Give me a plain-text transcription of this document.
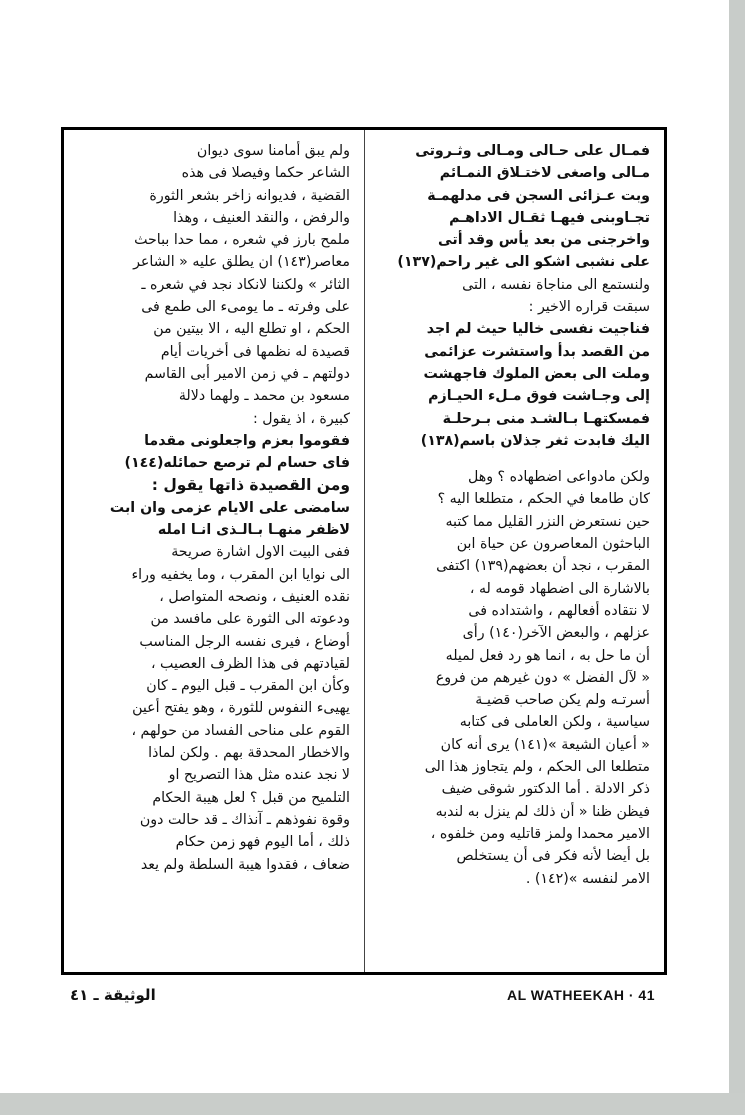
ولم يبق أمامنا سوى ديوان
الشاعر حكما وفيصلا فى هذه
القضية ، فديوانه زاخر بشعر الثورة
والرفض ، والنقد العنيف ، وهذا
ملمح بارز في شعره ، مما حدا بباحث
معاصر(١٤٣) ان يطلق عليه « الشاعر
الثائر » ولكننا لانكاد نجد في شعره ـ
على وفرته ـ ما يومىء الى طمع فى
الحكم ، او تطلع اليه ، الا بيتين من
قصيدة له نظمها فى أخريات أيام
دولتهم ـ في زمن الامير أبى القاسم
مسعود بن محمد ـ ولهما دلالة
كبيرة ، اذ يقول :
فقوموا بعزم واجعلونى مقدما
فاى حسام لم ترصع حمائله(١٤٤)
ومن القصيدة ذاتها يقول :
سامضى على الايام عزمى وان ابت
لاظفر منهـا بـالـذى انـا امله
ففى البيت الاول اشارة صريحة
الى نوايا ابن المقرب ، وما يخفيه وراء
نقده العنيف ، ونصحه المتواصل ،
ودعوته الى الثورة على مافسد من
أوضاع ، فيرى نفسه الرجل المناسب
لقيادتهم فى هذا الظرف العصيب ،
وكأن ابن المقرب ـ قبل اليوم ـ كان
يهيىء النفوس للثورة ، وهو يفتح أعين
القوم على مناحى الفساد من حولهم ،
والاخطار المحدقة بهم . ولكن لماذا
لا نجد عنده مثل هذا التصريح او
التلميح من قبل ؟ لعل هيبة الحكام
وقوة نفوذهم ـ آنذاك ـ قد حالت دون
ذلك ، أما اليوم فهو زمن حكام
ضعاف ، فقدوا هيبة السلطة ولم يعد
فمـال على حـالى ومـالى وثـروتى
مـالى واصغى لاختـلاق النمـائم
وبت عـزائى السجن فى مدلهمـة
تجـاوبنى فيهـا ثقـال الاداهـم
واخرجنى من بعد يأس وقد أتى
على نشبى اشكو الى غير راحم(١٣٧)
ولنستمع الى مناجاة نفسه ، التى
سبقت قراره الاخير :
فناجيت نفسى خاليا حيث لم اجد
من القصد بدأ واستشرت عزائمى
وملت الى بعض الملوك فاجهشت
إلى وجـاشت فوق مـلء الحيـازم
فمسكتهـا بـالشـد منى بـرحلـة
اليك فابدت ثغر جذلان باسم(١٣٨)

ولكن مادواعى اضطهاده ؟ وهل
كان طامعا في الحكم ، متطلعا اليه ؟
حين نستعرض النزر القليل مما كتبه
الباحثون المعاصرون عن حياة ابن
المقرب ، نجد أن بعضهم(١٣٩) اكتفى
بالاشارة الى اضطهاد قومه له ،
لا نتقاده أفعالهم ، واشتداده فى
عزلهم ، والبعض الآخر(١٤٠) رأى
أن ما حل به ، انما هو رد فعل لميله
« لآل الفضل » دون غيرهم من فروع
أسرتـه ولم يكن صاحب قضيـة
سياسية ، ولكن العاملى فى كتابه
« أعيان الشيعة »(١٤١) يرى أنه كان
متطلعا الى الحكم ، ولم يتجاوز هذا الى
ذكر الادلة . أما الدكتور شوقى ضيف
فيظن ظنا « أن ذلك لم ينزل به لندبه
الامير محمدا ولمز قاتليه ومن خلفوه ،
بل أيضا لأنه فكر فى أن يستخلص
الامر لنفسه »(١٤٢) .
الوثيقة ـ ٤١	AL WATHEEKAH · 41
